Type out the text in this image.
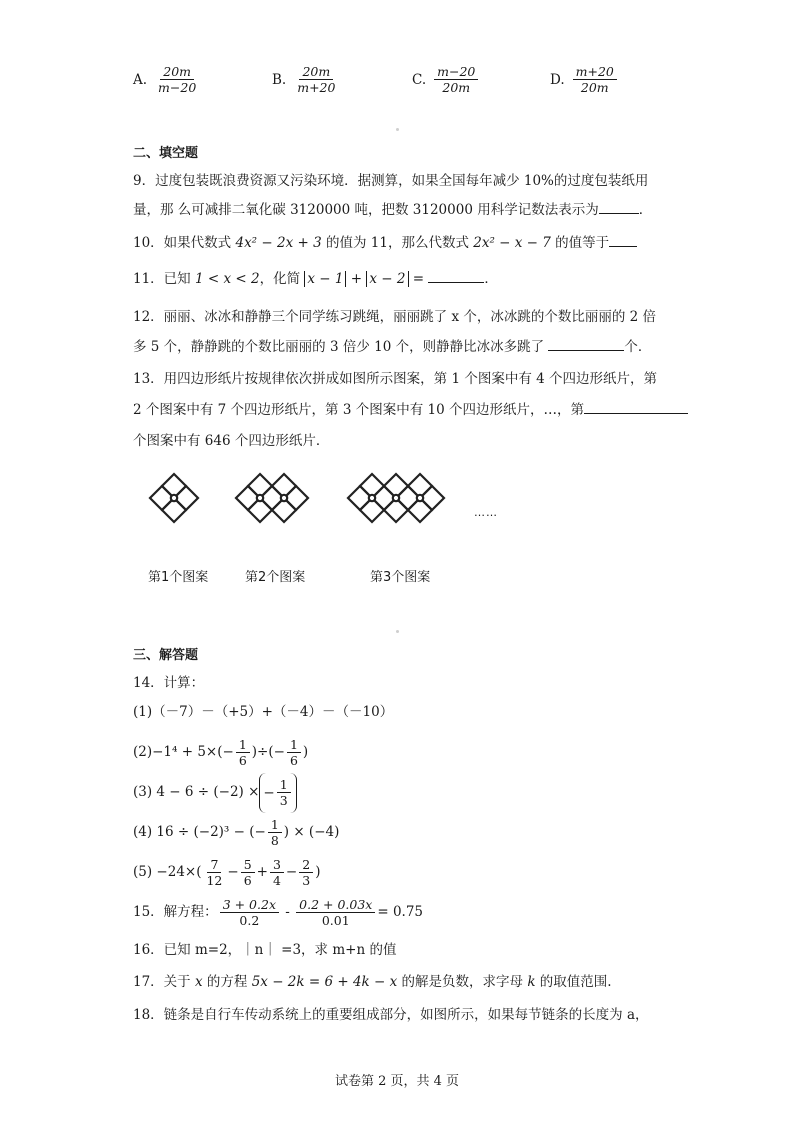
A. $\frac{20m}{m-20}$	B. $\frac{20m}{m+20}$	C. $\frac{m-20}{20m}$	D. $\frac{m+20}{20m}$
二、填空题
9．过度包装既浪费资源又污染环境．据测算，如果全国每年减少 10%的过度包装纸用
量，那 么可减排二氧化碳 3120000 吨，把数 3120000 用科学记数法表示为	．
10．如果代数式 4x² − 2x + 3 的值为 11，那么代数式 2x² − x − 7 的值等于
11．已知 1 < x < 2，化简 x − 1 + x − 2 =	．
12．丽丽、冰冰和静静三个同学练习跳绳，丽丽跳了 x 个，冰冰跳的个数比丽丽的 2 倍
多 5 个，静静跳的个数比丽丽的 3 倍少 10 个，则静静比冰冰多跳了	个．
13．用四边形纸片按规律依次拼成如图所示图案，第 1 个图案中有 4 个四边形纸片，第
2 个图案中有 7 个四边形纸片，第 3 个图案中有 10 个四边形纸片，…，第
个图案中有 646 个四边形纸片．
……
第1个图案	第2个图案	第3个图案
三、解答题
14．计算：
(1)（－7）－（+5）+（－4）－（－10）
$(2)-1^4 + 5\times(- \frac{1}{6}$ )÷(− $\frac{1}{6}$ )
(3) 4 − 6 ÷ (−2) × − $\frac{1}{3}$
(4) 16 ÷ (−2)³ − (− $\frac{1}{8}$ ) × (−4)
$(5) -24\times( \frac{7}{12} - \frac{5}{6} + \frac{3}{4} - \frac{2}{3}$ )
15．解方程： $\frac{3 + 0.2x}{0.2} - \frac{0.2 + 0.03x}{0.01} = 0.75$
16．已知 m=2，｜n｜ =3，求 m+n 的值
17．关于 x 的方程 5x − 2k = 6 + 4k − x 的解是负数，求字母 k 的取值范围.
18．链条是自行车传动系统上的重要组成部分，如图所示，如果每节链条的长度为 a，
试卷第 2 页，共 4 页
